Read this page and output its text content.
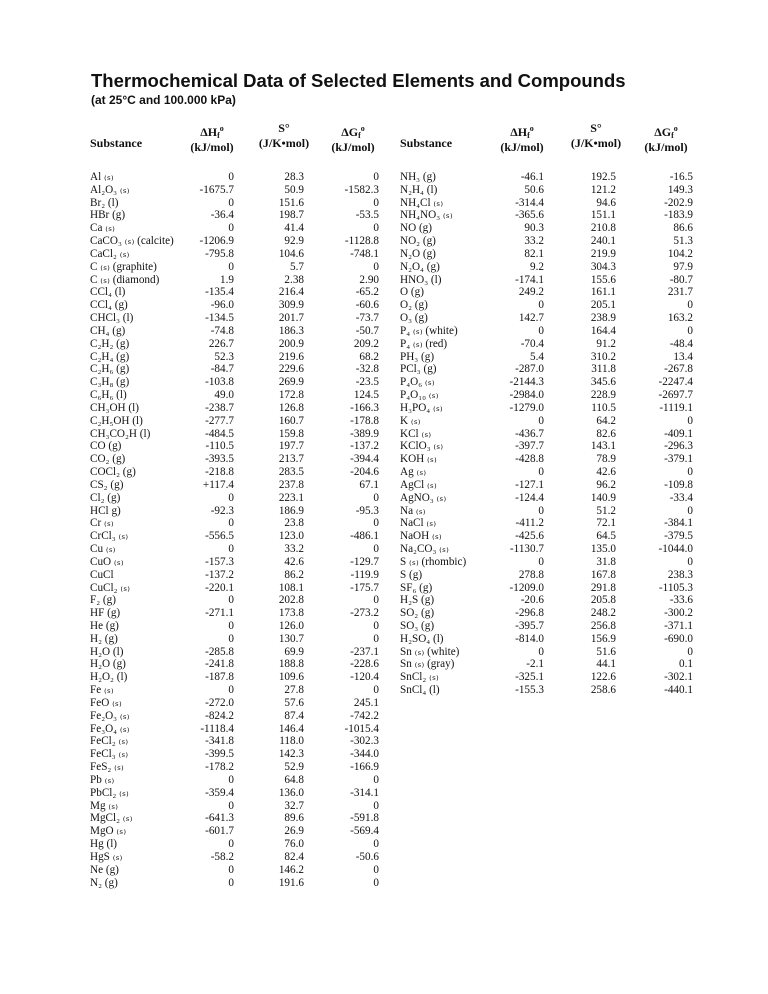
Thermochemical Data of Selected Elements and Compounds
(at 25°C and 100.000 kPa)
Substance
$\Delta H_f^o$
(kJ/mol)
S°
(J/K•mol)
$\Delta G_f^o$
(kJ/mol)
Al ₍ₛ₎	0	28.3	0
Al₂O₃ ₍ₛ₎	-1675.7	50.9	-1582.3
Br₂ (l)	0	151.6	0
HBr (g)	-36.4	198.7	-53.5
Ca ₍ₛ₎	0	41.4	0
CaCO₃ ₍ₛ₎ (calcite)	-1206.9	92.9	-1128.8
CaCl₂ ₍ₛ₎	-795.8	104.6	-748.1
C ₍ₛ₎ (graphite)	0	5.7	0
C ₍ₛ₎ (diamond)	1.9	2.38	2.90
CCl₄ (l)	-135.4	216.4	-65.2
CCl₄ (g)	-96.0	309.9	-60.6
CHCl₃ (l)	-134.5	201.7	-73.7
CH₄ (g)	-74.8	186.3	-50.7
C₂H₂ (g)	226.7	200.9	209.2
C₂H₄ (g)	52.3	219.6	68.2
C₂H₆ (g)	-84.7	229.6	-32.8
C₃H₈ (g)	-103.8	269.9	-23.5
C₆H₆ (l)	49.0	172.8	124.5
CH₃OH (l)	-238.7	126.8	-166.3
C₂H₅OH (l)	-277.7	160.7	-178.8
CH₃CO₂H (l)	-484.5	159.8	-389.9
CO (g)	-110.5	197.7	-137.2
CO₂ (g)	-393.5	213.7	-394.4
COCl₂ (g)	-218.8	283.5	-204.6
CS₂ (g)	+117.4	237.8	67.1
Cl₂ (g)	0	223.1	0
HCl g)	-92.3	186.9	-95.3
Cr ₍ₛ₎	0	23.8	0
CrCl₃ ₍ₛ₎	-556.5	123.0	-486.1
Cu ₍ₛ₎	0	33.2	0
CuO ₍ₛ₎	-157.3	42.6	-129.7
CuCl	-137.2	86.2	-119.9
CuCl₂ ₍ₛ₎	-220.1	108.1	-175.7
F₂ (g)	0	202.8	0
HF (g)	-271.1	173.8	-273.2
He (g)	0	126.0	0
H₂ (g)	0	130.7	0
H₂O (l)	-285.8	69.9	-237.1
H₂O (g)	-241.8	188.8	-228.6
H₂O₂ (l)	-187.8	109.6	-120.4
Fe ₍ₛ₎	0	27.8	0
FeO ₍ₛ₎	-272.0	57.6	245.1
Fe₂O₃ ₍ₛ₎	-824.2	87.4	-742.2
Fe₃O₄ ₍ₛ₎	-1118.4	146.4	-1015.4
FeCl₂ ₍ₛ₎	-341.8	118.0	-302.3
FeCl₃ ₍ₛ₎	-399.5	142.3	-344.0
FeS₂ ₍ₛ₎	-178.2	52.9	-166.9
Pb ₍ₛ₎	0	64.8	0
PbCl₂ ₍ₛ₎	-359.4	136.0	-314.1
Mg ₍ₛ₎	0	32.7	0
MgCl₂ ₍ₛ₎	-641.3	89.6	-591.8
MgO ₍ₛ₎	-601.7	26.9	-569.4
Hg (l)	0	76.0	0
HgS ₍ₛ₎	-58.2	82.4	-50.6
Ne (g)	0	146.2	0
N₂ (g)	0	191.6	0
Substance
$\Delta H_f^o$
(kJ/mol)
S°
(J/K•mol)
$\Delta G_f^o$
(kJ/mol)
NH₃ (g)	-46.1	192.5	-16.5
N₂H₄ (l)	50.6	121.2	149.3
NH₄Cl ₍ₛ₎	-314.4	94.6	-202.9
NH₄NO₃ ₍ₛ₎	-365.6	151.1	-183.9
NO (g)	90.3	210.8	86.6
NO₂ (g)	33.2	240.1	51.3
N₂O (g)	82.1	219.9	104.2
N₂O₄ (g)	9.2	304.3	97.9
HNO₃ (l)	-174.1	155.6	-80.7
O (g)	249.2	161.1	231.7
O₂ (g)	0	205.1	0
O₃ (g)	142.7	238.9	163.2
P₄ ₍ₛ₎ (white)	0	164.4	0
P₄ ₍ₛ₎ (red)	-70.4	91.2	-48.4
PH₃ (g)	5.4	310.2	13.4
PCl₃ (g)	-287.0	311.8	-267.8
P₄O₆ ₍ₛ₎	-2144.3	345.6	-2247.4
P₄O₁₀ ₍ₛ₎	-2984.0	228.9	-2697.7
H₃PO₄ ₍ₛ₎	-1279.0	110.5	-1119.1
K ₍ₛ₎	0	64.2	0
KCl ₍ₛ₎	-436.7	82.6	-409.1
KClO₃ ₍ₛ₎	-397.7	143.1	-296.3
KOH ₍ₛ₎	-428.8	78.9	-379.1
Ag ₍ₛ₎	0	42.6	0
AgCl ₍ₛ₎	-127.1	96.2	-109.8
AgNO₃ ₍ₛ₎	-124.4	140.9	-33.4
Na ₍ₛ₎	0	51.2	0
NaCl ₍ₛ₎	-411.2	72.1	-384.1
NaOH ₍ₛ₎	-425.6	64.5	-379.5
Na₂CO₃ ₍ₛ₎	-1130.7	135.0	-1044.0
S ₍ₛ₎ (rhombic)	0	31.8	0
S (g)	278.8	167.8	238.3
SF₆ (g)	-1209.0	291.8	-1105.3
H₂S (g)	-20.6	205.8	-33.6
SO₂ (g)	-296.8	248.2	-300.2
SO₃ (g)	-395.7	256.8	-371.1
H₂SO₄ (l)	-814.0	156.9	-690.0
Sn ₍ₛ₎ (white)	0	51.6	0
Sn ₍ₛ₎ (gray)	-2.1	44.1	0.1
SnCl₂ ₍ₛ₎	-325.1	122.6	-302.1
SnCl₄ (l)	-155.3	258.6	-440.1
